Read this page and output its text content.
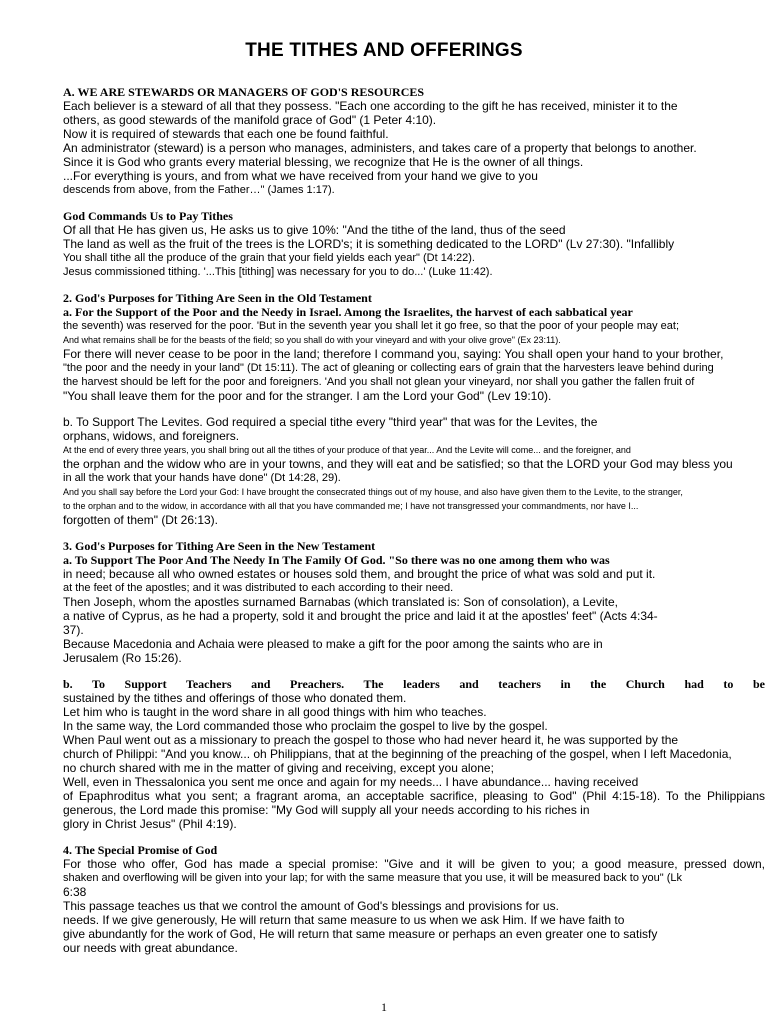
THE TITHES AND OFFERINGS
A. WE ARE STEWARDS OR MANAGERS OF GOD'S RESOURCES
Each believer is a steward of all that they possess. "Each one according to the gift he has received, minister it to the
others, as good stewards of the manifold grace of God" (1 Peter 4:10).
Now it is required of stewards that each one be found faithful.
An administrator (steward) is a person who manages, administers, and takes care of a property that belongs to another.
Since it is God who grants every material blessing, we recognize that He is the owner of all things.
...For everything is yours, and from what we have received from your hand we give to you
descends from above, from the Father…" (James 1:17).
God Commands Us to Pay Tithes
Of all that He has given us, He asks us to give 10%: "And the tithe of the land, thus of the seed
The land as well as the fruit of the trees is the LORD's; it is something dedicated to the LORD" (Lv 27:30). "Infallibly
You shall tithe all the produce of the grain that your field yields each year" (Dt 14:22).
Jesus commissioned tithing. '...This [tithing] was necessary for you to do...' (Luke 11:42).
2. God's Purposes for Tithing Are Seen in the Old Testament
a. For the Support of the Poor and the Needy in Israel. Among the Israelites, the harvest of each sabbatical year
the seventh) was reserved for the poor. 'But in the seventh year you shall let it go free, so that the poor of your people may eat;
And what remains shall be for the beasts of the field; so you shall do with your vineyard and with your olive grove" (Ex 23:11).
For there will never cease to be poor in the land; therefore I command you, saying: You shall open your hand to your brother,
"the poor and the needy in your land" (Dt 15:11). The act of gleaning or collecting ears of grain that the harvesters leave behind during
the harvest should be left for the poor and foreigners. 'And you shall not glean your vineyard, nor shall you gather the fallen fruit of
"You shall leave them for the poor and for the stranger. I am the Lord your God" (Lev 19:10).
b. To Support The Levites. God required a special tithe every "third year" that was for the Levites, the
orphans, widows, and foreigners.
At the end of every three years, you shall bring out all the tithes of your produce of that year... And the Levite will come... and the foreigner, and
the orphan and the widow who are in your towns, and they will eat and be satisfied; so that the LORD your God may bless you
in all the work that your hands have done" (Dt 14:28, 29).
And you shall say before the Lord your God: I have brought the consecrated things out of my house, and also have given them to the Levite, to the stranger,
to the orphan and to the widow, in accordance with all that you have commanded me; I have not transgressed your commandments, nor have I...
forgotten of them" (Dt 26:13).
3. God's Purposes for Tithing Are Seen in the New Testament
a. To Support The Poor And The Needy In The Family Of God. "So there was no one among them who was
in need; because all who owned estates or houses sold them, and brought the price of what was sold and put it.
at the feet of the apostles; and it was distributed to each according to their need.
Then Joseph, whom the apostles surnamed Barnabas (which translated is: Son of consolation), a Levite,
a native of Cyprus, as he had a property, sold it and brought the price and laid it at the apostles' feet" (Acts 4:34-
37).
Because Macedonia and Achaia were pleased to make a gift for the poor among the saints who are in
Jerusalem (Ro 15:26).
b. To Support Teachers and Preachers. The leaders and teachers in the Church had to be
sustained by the tithes and offerings of those who donated them.
Let him who is taught in the word share in all good things with him who teaches.
In the same way, the Lord commanded those who proclaim the gospel to live by the gospel.
When Paul went out as a missionary to preach the gospel to those who had never heard it, he was supported by the
church of Philippi: "And you know... oh Philippians, that at the beginning of the preaching of the gospel, when I left Macedonia,
no church shared with me in the matter of giving and receiving, except you alone;
Well, even in Thessalonica you sent me once and again for my needs... I have abundance... having received
of Epaphroditus what you sent; a fragrant aroma, an acceptable sacrifice, pleasing to God" (Phil 4:15-18). To the Philippians
generous, the Lord made this promise: "My God will supply all your needs according to his riches in
glory in Christ Jesus" (Phil 4:19).
4. The Special Promise of God
For those who offer, God has made a special promise: "Give and it will be given to you; a good measure, pressed down,
shaken and overflowing will be given into your lap; for with the same measure that you use, it will be measured back to you" (Lk
6:38
This passage teaches us that we control the amount of God's blessings and provisions for us.
needs. If we give generously, He will return that same measure to us when we ask Him. If we have faith to
give abundantly for the work of God, He will return that same measure or perhaps an even greater one to satisfy
our needs with great abundance.
1
